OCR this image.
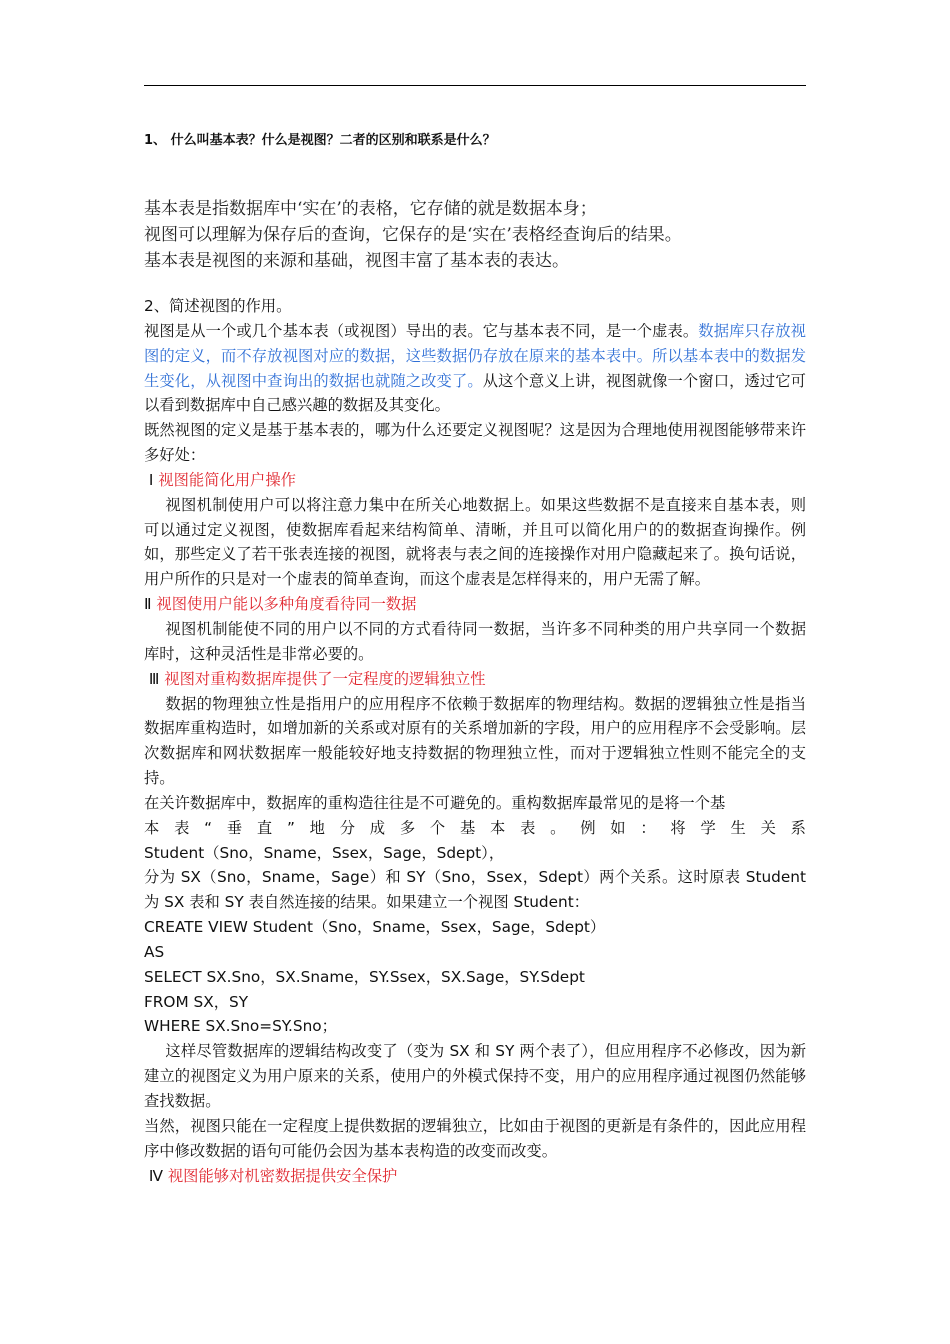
1、 什么叫基本表？什么是视图？二者的区别和联系是什么？
基本表是指数据库中‘实在’的表格，它存储的就是数据本身；
视图可以理解为保存后的查询，它保存的是‘实在’表格经查询后的结果。
基本表是视图的来源和基础，视图丰富了基本表的表达。

2、简述视图的作用。

视图是从一个或几个基本表（或视图）导出的表。它与基本表不同，是一个虚表。数据库只存放视图的定义，而不存放视图对应的数据，这些数据仍存放在原来的基本表中。所以基本表中的数据发生变化，从视图中查询出的数据也就随之改变了。从这个意义上讲，视图就像一个窗口，透过它可以看到数据库中自己感兴趣的数据及其变化。

既然视图的定义是基于基本表的，哪为什么还要定义视图呢？这是因为合理地使用视图能够带来许多好处：

Ⅰ 视图能简化用户操作

视图机制使用户可以将注意力集中在所关心地数据上。如果这些数据不是直接来自基本表，则可以通过定义视图，使数据库看起来结构简单、清晰，并且可以简化用户的的数据查询操作。例如，那些定义了若干张表连接的视图，就将表与表之间的连接操作对用户隐藏起来了。换句话说，用户所作的只是对一个虚表的简单查询，而这个虚表是怎样得来的，用户无需了解。

Ⅱ 视图使用户能以多种角度看待同一数据

视图机制能使不同的用户以不同的方式看待同一数据，当许多不同种类的用户共享同一个数据库时，这种灵活性是非常必要的。

Ⅲ 视图对重构数据库提供了一定程度的逻辑独立性

数据的物理独立性是指用户的应用程序不依赖于数据库的物理结构。数据的逻辑独立性是指当数据库重构造时，如增加新的关系或对原有的关系增加新的字段，用户的应用程序不会受影响。层次数据库和网状数据库一般能较好地支持数据的物理独立性，而对于逻辑独立性则不能完全的支持。

在关许数据库中，数据库的重构造往往是不可避免的。重构数据库最常见的是将一个基

本 表 “ 垂 直 ” 地 分 成 多 个 基 本 表 。 例 如 ： 将 学 生 关 系

Student（Sno，Sname，Ssex，Sage，Sdept），

分为 SX（Sno，Sname，Sage）和 SY（Sno，Ssex，Sdept）两个关系。这时原表 Student 为 SX 表和 SY 表自然连接的结果。如果建立一个视图 Student：

CREATE VIEW Student（Sno，Sname，Ssex，Sage，Sdept）

AS

SELECT SX.Sno，SX.Sname，SY.Ssex，SX.Sage，SY.Sdept

FROM SX，SY

WHERE SX.Sno=SY.Sno；

这样尽管数据库的逻辑结构改变了（变为 SX 和 SY 两个表了），但应用程序不必修改，因为新建立的视图定义为用户原来的关系，使用户的外模式保持不变，用户的应用程序通过视图仍然能够查找数据。

当然，视图只能在一定程度上提供数据的逻辑独立，比如由于视图的更新是有条件的，因此应用程序中修改数据的语句可能仍会因为基本表构造的改变而改变。

Ⅳ 视图能够对机密数据提供安全保护
